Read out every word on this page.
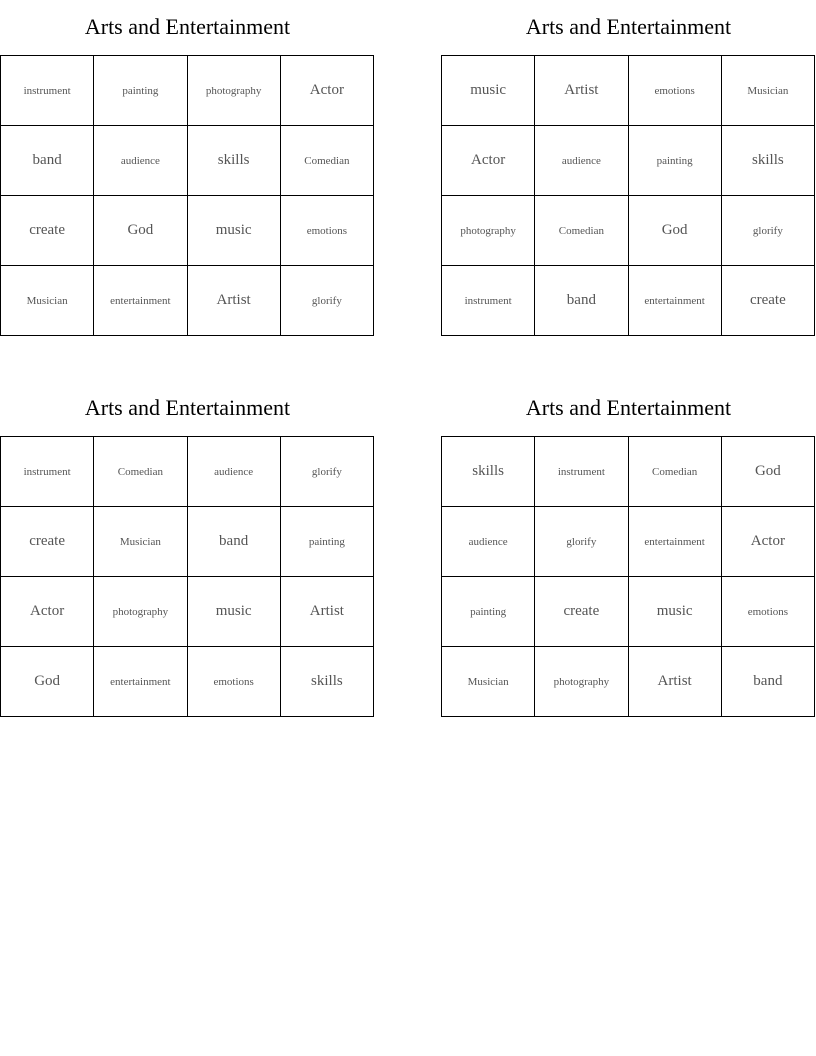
Arts and Entertainment
instrument	painting	photography	Actor
band	audience	skills	Comedian
create	God	music	emotions
Musician	entertainment	Artist	glorify
Arts and Entertainment
music	Artist	emotions	Musician
Actor	audience	painting	skills
photography	Comedian	God	glorify
instrument	band	entertainment	create
Arts and Entertainment
instrument	Comedian	audience	glorify
create	Musician	band	painting
Actor	photography	music	Artist
God	entertainment	emotions	skills
Arts and Entertainment
skills	instrument	Comedian	God
audience	glorify	entertainment	Actor
painting	create	music	emotions
Musician	photography	Artist	band
